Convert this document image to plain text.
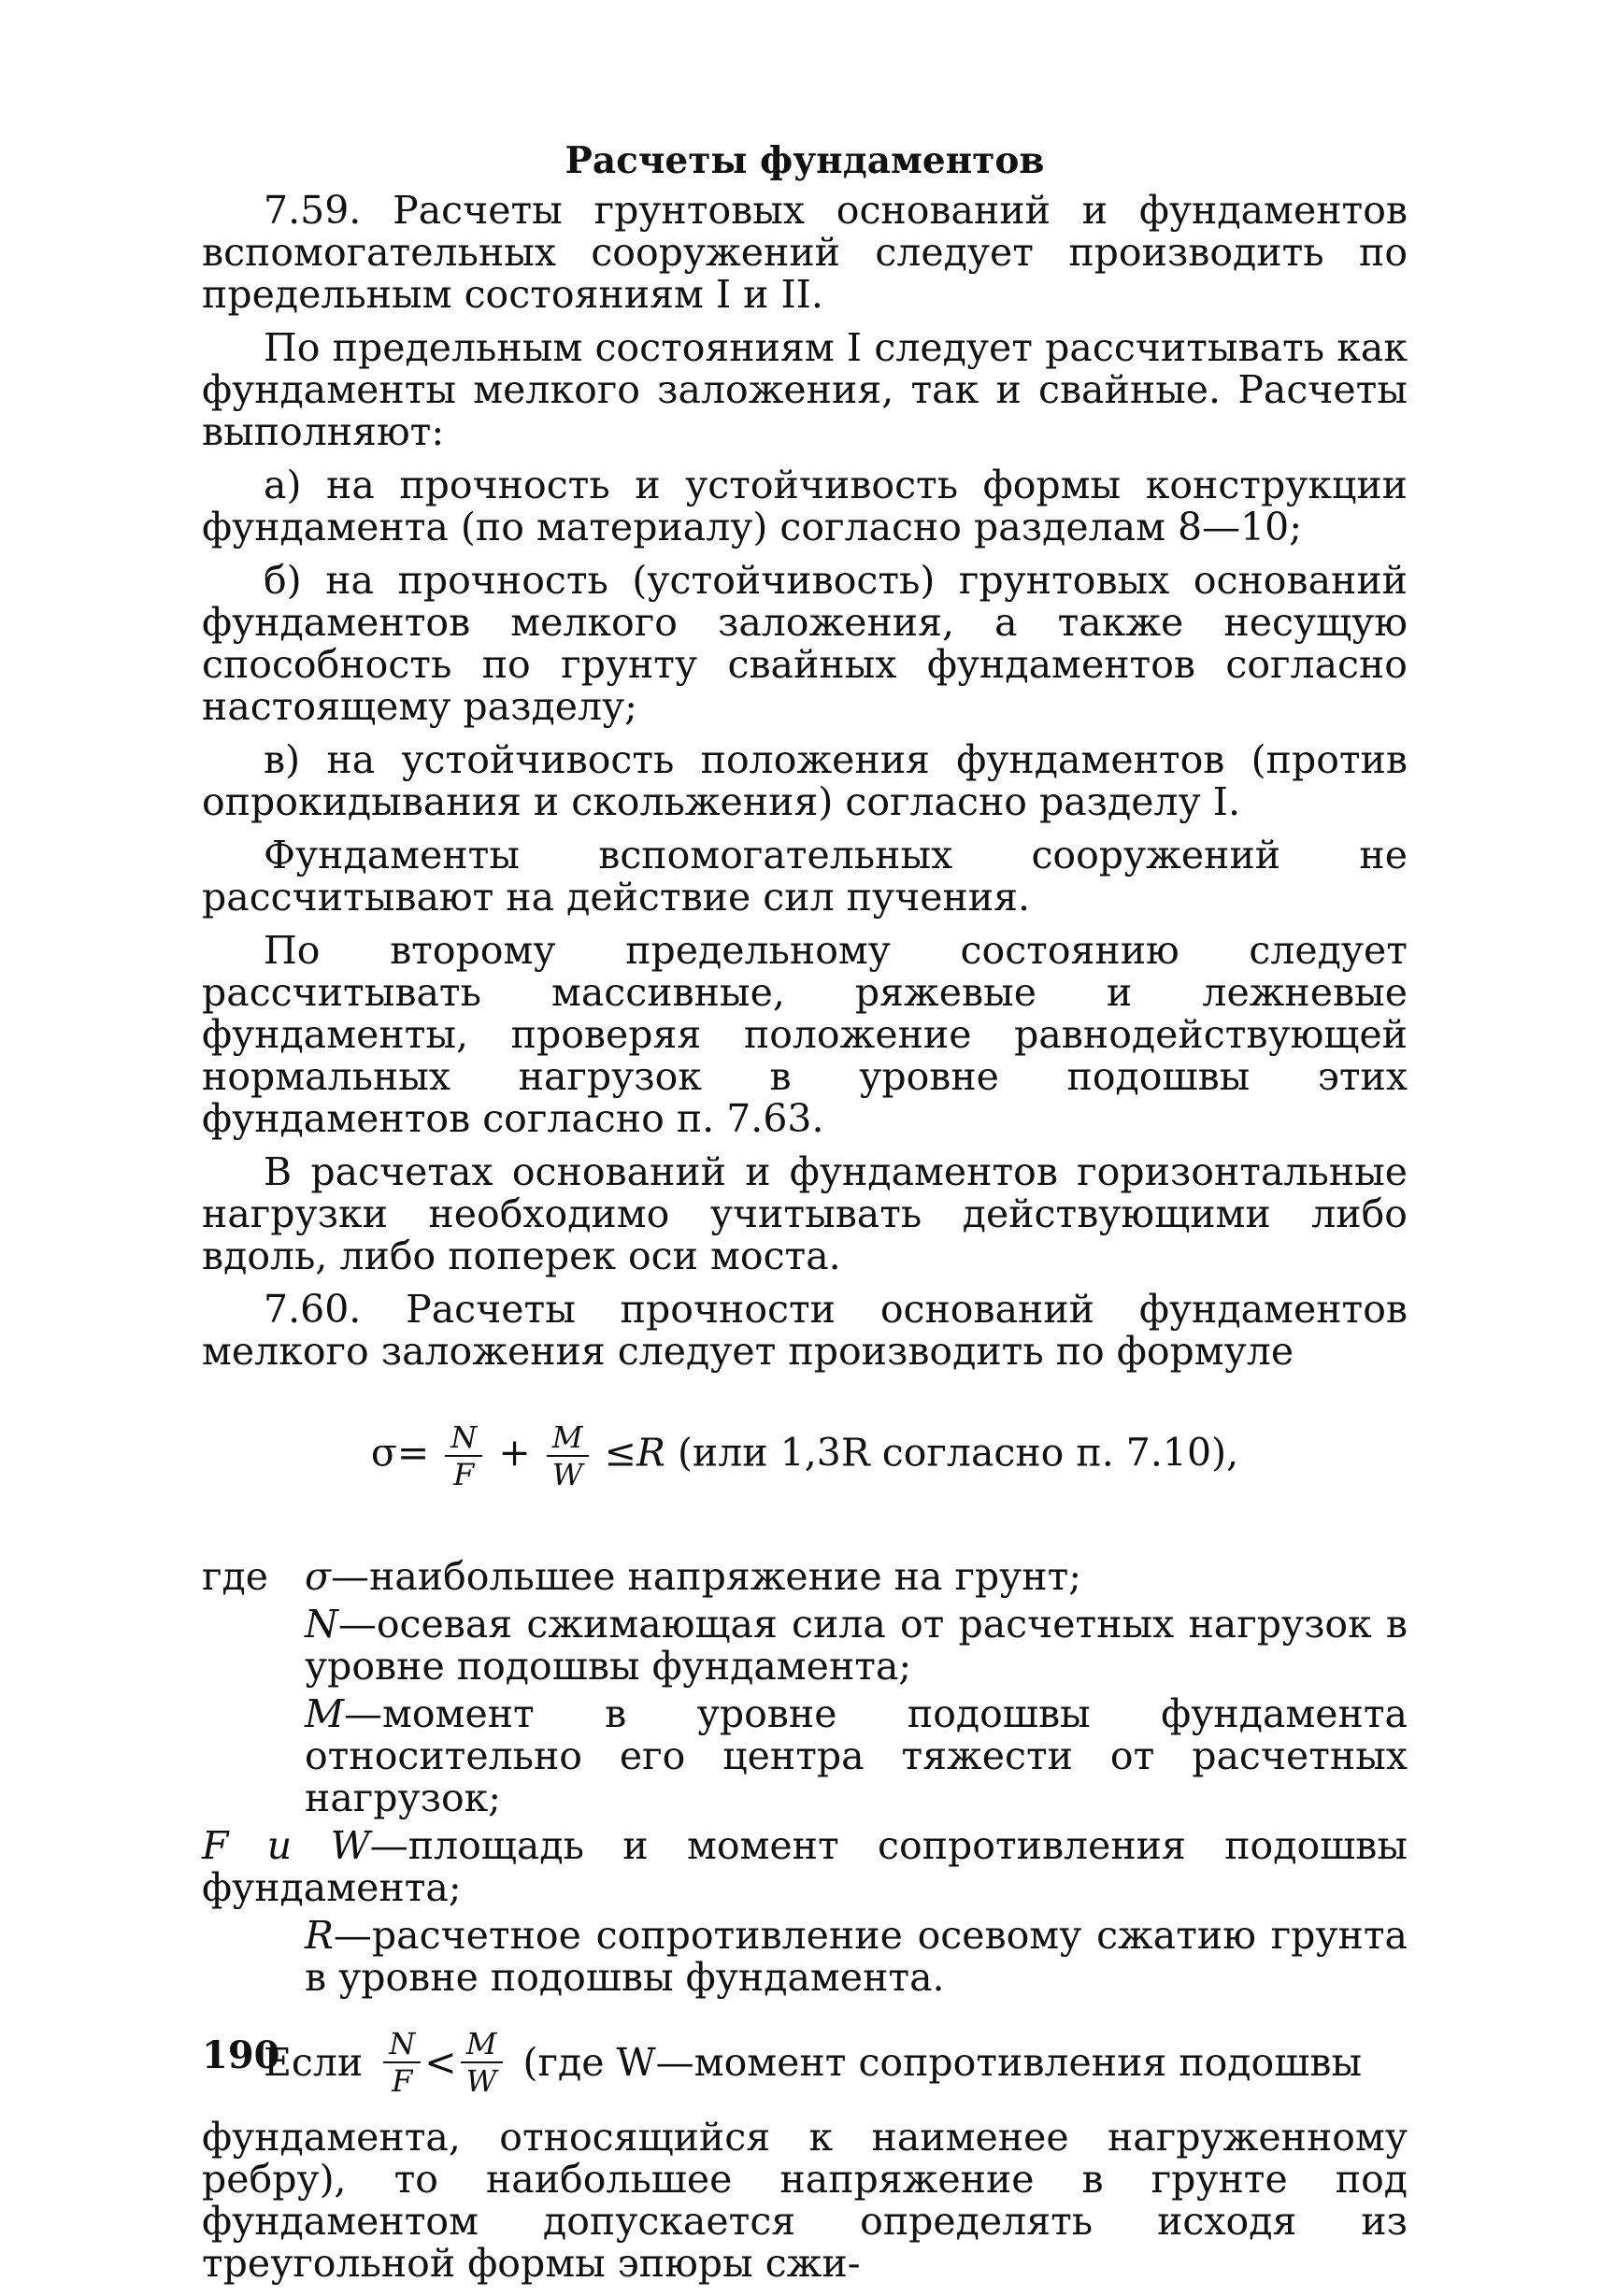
Расчеты фундаментов

7.59. Расчеты грунтовых оснований и фундаментов вспомогательных сооружений следует производить по предельным состояниям I и II.

По предельным состояниям I следует рассчитывать как фундаменты мелкого заложения, так и свайные. Расчеты выполняют:

а) на прочность и устойчивость формы конструкции фундамента (по материалу) согласно разделам 8—10;

б) на прочность (устойчивость) грунтовых оснований фундаментов мелкого заложения, а также несущую способность по грунту свайных фундаментов согласно настоящему разделу;

в) на устойчивость положения фундаментов (против опрокидывания и скольжения) согласно разделу I.

Фундаменты вспомогательных сооружений не рассчитывают на действие сил пучения.

По второму предельному состоянию следует рассчитывать массивные, ряжевые и лежневые фундаменты, проверяя положение равнодействующей нормальных нагрузок в уровне подошвы этих фундаментов согласно п. 7.63.

В расчетах оснований и фундаментов горизонтальные нагрузки необходимо учитывать действующими либо вдоль, либо поперек оси моста.

7.60. Расчеты прочности оснований фундаментов мелкого заложения следует производить по формуле

$\sigma= \frac{N}{F} + \frac{M}{W} \le R$ (или 1,3R согласно п. 7.10),
где σ—наибольшее напряжение на грунт;
N—осевая сжимающая сила от расчетных нагрузок в уровне подошвы фундамента;
M—момент в уровне подошвы фундамента относительно его центра тяжести от расчетных нагрузок;
F и W—площадь и момент сопротивления подошвы фундамента;
R—расчетное сопротивление осевому сжатию грунта в уровне подошвы фундамента.
Если $\frac{N}{F} < \frac{M}{W} (где$ W—момент сопротивления подошвы

фундамента, относящийся к наименее нагруженному ребру), то наибольшее напряжение в грунте под фундаментом допускается определять исходя из треугольной формы эпюры сжи-

190
